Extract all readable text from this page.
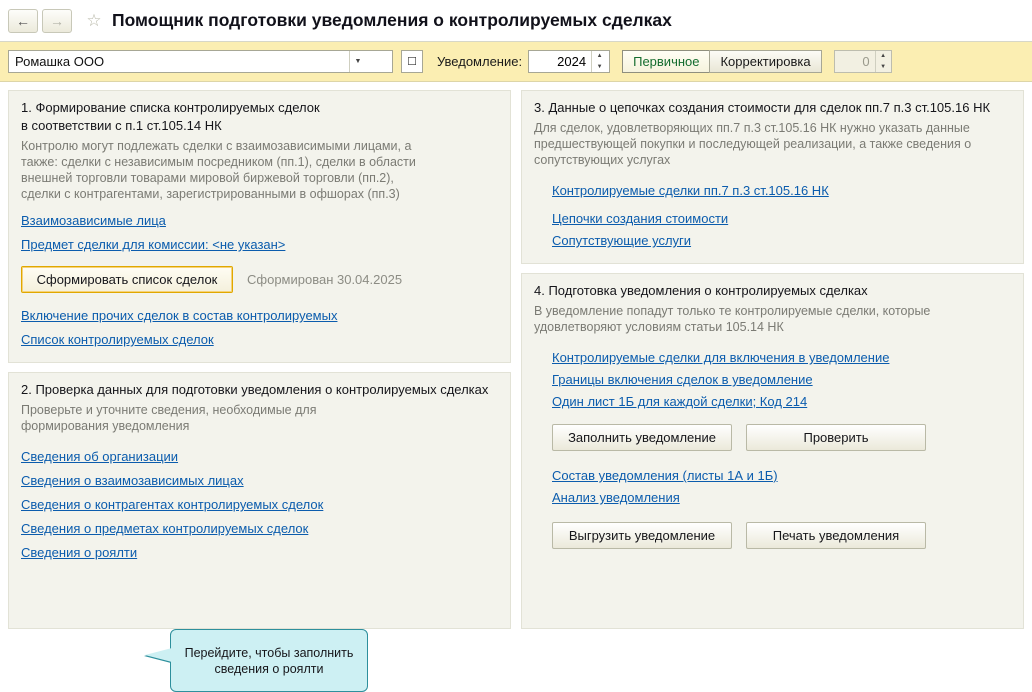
←	→	☆ Помощник подготовки уведомления о контролируемых сделках
Ромашка ООО
▼	☐	Уведомление:
2024	▲
▼	Первичное	Корректировка	0	▲
▼
1. Формирование списка контролируемых сделок
в соответствии с п.1 ст.105.14 НК

Контролю могут подлежать сделки с взаимозависимыми лицами, а также: сделки с независимым посредником (пп.1), сделки в области внешней торговли товарами мировой биржевой торговли (пп.2), сделки с контрагентами, зарегистрированными в офшорах (пп.3)

Взаимозависимые лица
Предмет сделки для комиссии: <не указан>
Сформировать список сделок	Сформирован 30.04.2025
Включение прочих сделок в состав контролируемых
Список контролируемых сделок
2. Проверка данных для подготовки уведомления о контролируемых сделках

Проверьте и уточните сведения, необходимые для формирования уведомления

Сведения об организации
Сведения о взаимозависимых лицах
Сведения о контрагентах контролируемых сделок
Сведения о предметах контролируемых сделок
Сведения о роялти
3. Данные о цепочках создания стоимости для сделок пп.7 п.3 ст.105.16 НК

Для сделок, удовлетворяющих пп.7 п.3 ст.105.16 НК нужно указать данные предшествующей покупки и последующей реализации, а также сведения о сопутствующих услугах

Контролируемые сделки пп.7 п.3 ст.105.16 НК
Цепочки создания стоимости
Сопутствующие услуги
4. Подготовка уведомления о контролируемых сделках

В уведомление попадут только те контролируемые сделки, которые удовлетворяют условиям статьи 105.14 НК

Контролируемые сделки для включения в уведомление
Границы включения сделок в уведомление
Один лист 1Б для каждой сделки; Код 214
Заполнить уведомление	Проверить
Состав уведомления (листы 1А и 1Б)
Анализ уведомления
Выгрузить уведомление	Печать уведомления
Перейдите, чтобы заполнить сведения о роялти
